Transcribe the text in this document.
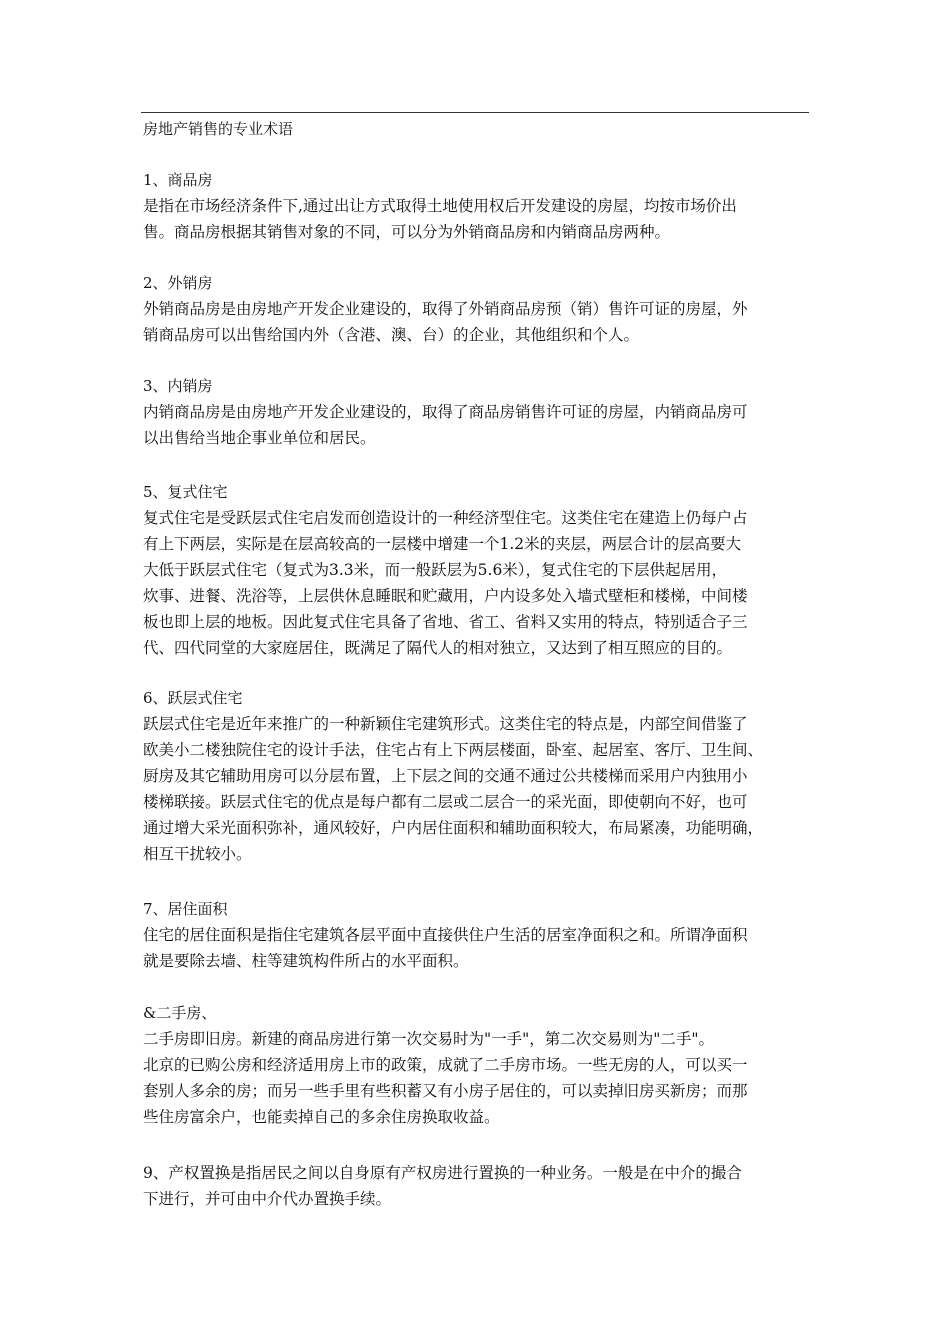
房地产销售的专业术语
1、商品房
是指在市场经济条件下,通过出让方式取得土地使用权后开发建设的房屋，均按市场价出
售。商品房根据其销售对象的不同，可以分为外销商品房和内销商品房两种。
2、外销房
外销商品房是由房地产开发企业建设的，取得了外销商品房预（销）售许可证的房屋，外
销商品房可以出售给国内外（含港、澳、台）的企业，其他组织和个人。
3、内销房
内销商品房是由房地产开发企业建设的，取得了商品房销售许可证的房屋，内销商品房可
以出售给当地企事业单位和居民。
5、复式住宅
复式住宅是受跃层式住宅启发而创造设计的一种经济型住宅。这类住宅在建造上仍每户占
有上下两层，实际是在层高较高的一层楼中增建一个1.2米的夹层，两层合计的层高要大
大低于跃层式住宅（复式为3.3米，而一般跃层为5.6米），复式住宅的下层供起居用，
炊事、进餐、洗浴等，上层供休息睡眠和贮藏用，户内设多处入墙式壁柜和楼梯，中间楼
板也即上层的地板。因此复式住宅具备了省地、省工、省料又实用的特点，特别适合子三
代、四代同堂的大家庭居住，既满足了隔代人的相对独立，又达到了相互照应的目的。
6、跃层式住宅
跃层式住宅是近年来推广的一种新颖住宅建筑形式。这类住宅的特点是，内部空间借鉴了
欧美小二楼独院住宅的设计手法，住宅占有上下两层楼面，卧室、起居室、客厅、卫生间、
厨房及其它辅助用房可以分层布置，上下层之间的交通不通过公共楼梯而采用户内独用小
楼梯联接。跃层式住宅的优点是每户都有二层或二层合一的采光面，即使朝向不好，也可
通过增大采光面积弥补，通风较好，户内居住面积和辅助面积较大，布局紧凑，功能明确，
相互干扰较小。
7、居住面积
住宅的居住面积是指住宅建筑各层平面中直接供住户生活的居室净面积之和。所谓净面积
就是要除去墙、柱等建筑构件所占的水平面积。
&二手房、
二手房即旧房。新建的商品房进行第一次交易时为"一手"，第二次交易则为"二手"。
北京的已购公房和经济适用房上市的政策，成就了二手房市场。一些无房的人，可以买一
套别人多余的房；而另一些手里有些积蓄又有小房子居住的，可以卖掉旧房买新房；而那
些住房富余户，也能卖掉自己的多余住房换取收益。
9、产权置换是指居民之间以自身原有产权房进行置换的一种业务。一般是在中介的撮合
下进行，并可由中介代办置换手续。
